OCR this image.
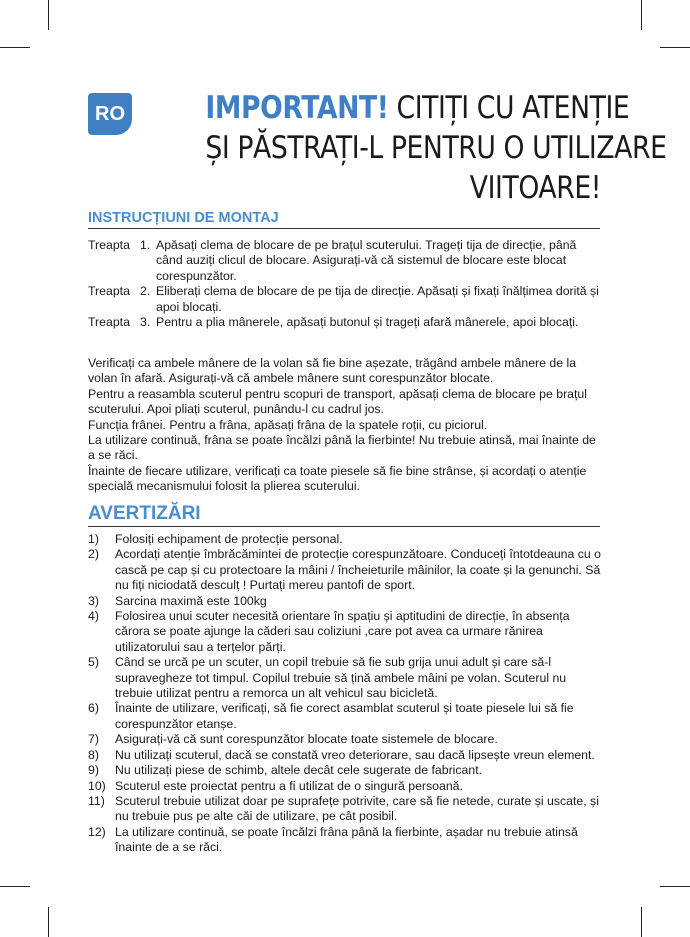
RO	IMPORTANT! CITIȚI CU ATENȚIE
ȘI PĂSTRAȚI-L PENTRU O UTILIZARE
VIITOARE!
INSTRUCȚIUNI DE MONTAJ
Treapta 1. Apăsați clema de blocare de pe brațul scuterului. Trageți tija de direcție, până când auziți clicul de blocare. Asigurați-vă că sistemul de blocare este blocat corespunzător.
Treapta 2. Eliberați clema de blocare de pe tija de direcție. Apăsați și fixați înălțimea dorită și apoi blocați.
Treapta 3. Pentru a plia mânerele, apăsați butonul și trageți afară mânerele, apoi blocați.

Verificați ca ambele mânere de la volan să fie bine așezate, trăgând ambele mânere de la volan în afară. Asigurați-vă că ambele mânere sunt corespunzător blocate.

Pentru a reasambla scuterul pentru scopuri de transport, apăsați clema de blocare pe brațul scuterului. Apoi pliați scuterul, punându-l cu cadrul jos.

Funcția frânei. Pentru a frâna, apăsați frâna de la spatele roții, cu piciorul.

La utilizare continuă, frâna se poate încălzi până la fierbinte! Nu trebuie atinsă, mai înainte de a se răci.

Înainte de fiecare utilizare, verificați ca toate piesele să fie bine strânse, și acordați o atenție specială mecanismului folosit la plierea scuterului.

AVERTIZĂRI
1)	Folosiți echipament de protecție personal.
2)	Acordați atenție îmbrăcămintei de protecție corespunzătoare. Conduceți întotdeauna cu o cască pe cap și cu protectoare la mâini / încheieturile mâinilor, la coate și la genunchi. Să nu fiți niciodată desculț ! Purtați mereu pantofi de sport.
3)	Sarcina maximă este 100kg
4)	Folosirea unui scuter necesită orientare în spațiu și aptitudini de direcție, în absența cărora se poate ajunge la căderi sau coliziuni ,care pot avea ca urmare rănirea utilizatorului sau a terțelor părți.
5)	Când se urcă pe un scuter, un copil trebuie să fie sub grija unui adult și care să-l supravegheze tot timpul. Copilul trebuie să țină ambele mâini pe volan. Scuterul nu trebuie utilizat pentru a remorca un alt vehicul sau bicicletă.
6)	Înainte de utilizare, verificați, să fie corect asamblat scuterul și toate piesele lui să fie corespunzător etanșe.
7)	Asigurați-vă că sunt corespunzător blocate toate sistemele de blocare.
8)	Nu utilizați scuterul, dacă se constată vreo deteriorare, sau dacă lipsește vreun element.
9)	Nu utilizați piese de schimb, altele decât cele sugerate de fabricant.
10) Scuterul este proiectat pentru a fi utilizat de o singură persoană.
11) Scuterul trebuie utilizat doar pe suprafețe potrivite, care să fie netede, curate și uscate, și nu trebuie pus pe alte căi de utilizare, pe cât posibil.
12) La utilizare continuă, se poate încălzi frâna până la fierbinte, așadar nu trebuie atinsă înainte de a se răci.
